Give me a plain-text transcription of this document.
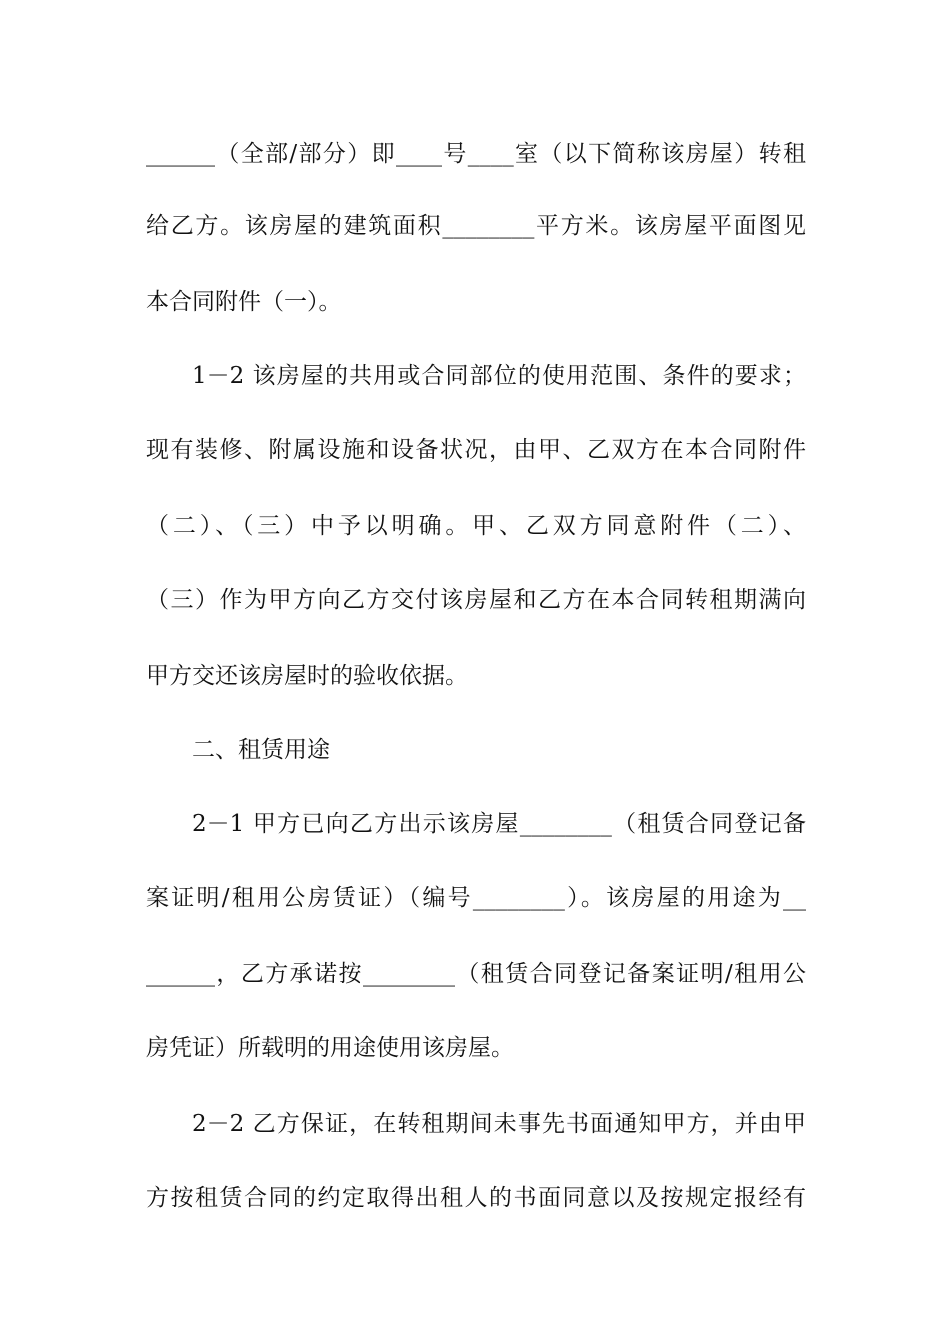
______（全部/部分）即____号____室（以下简称该房屋）转租
给乙方。该房屋的建筑面积________平方米。该房屋平面图见
本合同附件（一）。
1－2 该房屋的共用或合同部位的使用范围、条件的要求；
现有装修、附属设施和设备状况，由甲、乙双方在本合同附件
（二）、（三）中予以明确。甲、乙双方同意附件（二）、
（三）作为甲方向乙方交付该房屋和乙方在本合同转租期满向
甲方交还该房屋时的验收依据。
二、租赁用途
2－1 甲方已向乙方出示该房屋________（租赁合同登记备
案证明/租用公房赁证）（编号________）。该房屋的用途为__
______，乙方承诺按________（租赁合同登记备案证明/租用公
房凭证）所载明的用途使用该房屋。
2－2 乙方保证，在转租期间未事先书面通知甲方，并由甲
方按租赁合同的约定取得出租人的书面同意以及按规定报经有
